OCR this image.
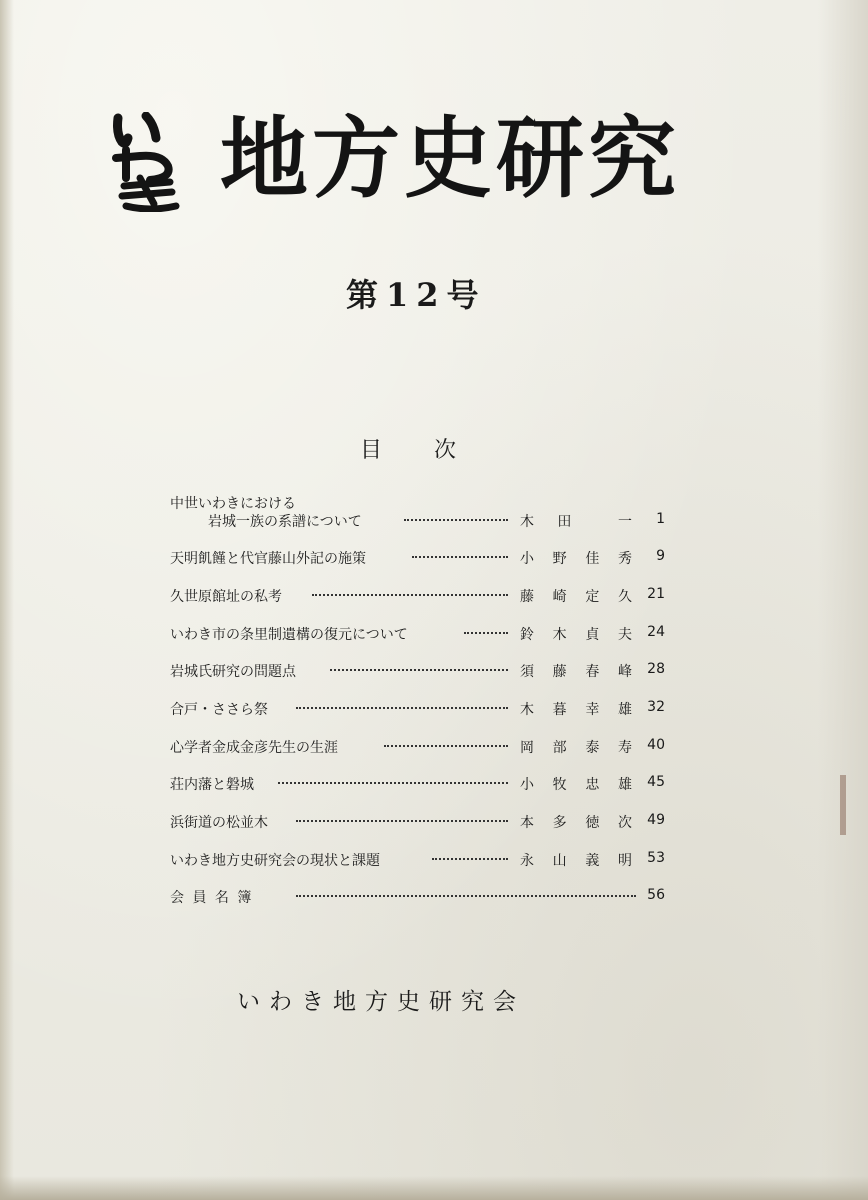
地方史研究
第12号
目 次
中世いわきにおける
岩城一族の系譜について	木 田	一	1
天明飢饉と代官藤山外記の施策	小 野 佳 秀	9
久世原館址の私考	藤 崎 定 久	21
いわき市の条里制遺構の復元について	鈴 木 貞 夫	24
岩城氏研究の問題点	須 藤 春 峰	28
合戸・ささら祭	木 暮 幸 雄	32
心学者金成金彦先生の生涯	岡 部 泰 寿	40
荘内藩と磐城	小 牧 忠 雄	45
浜街道の松並木	本 多 徳 次	49
いわき地方史研究会の現状と課題	永 山 義 明	53
会 員 名 簿	56
いわき地方史研究会
